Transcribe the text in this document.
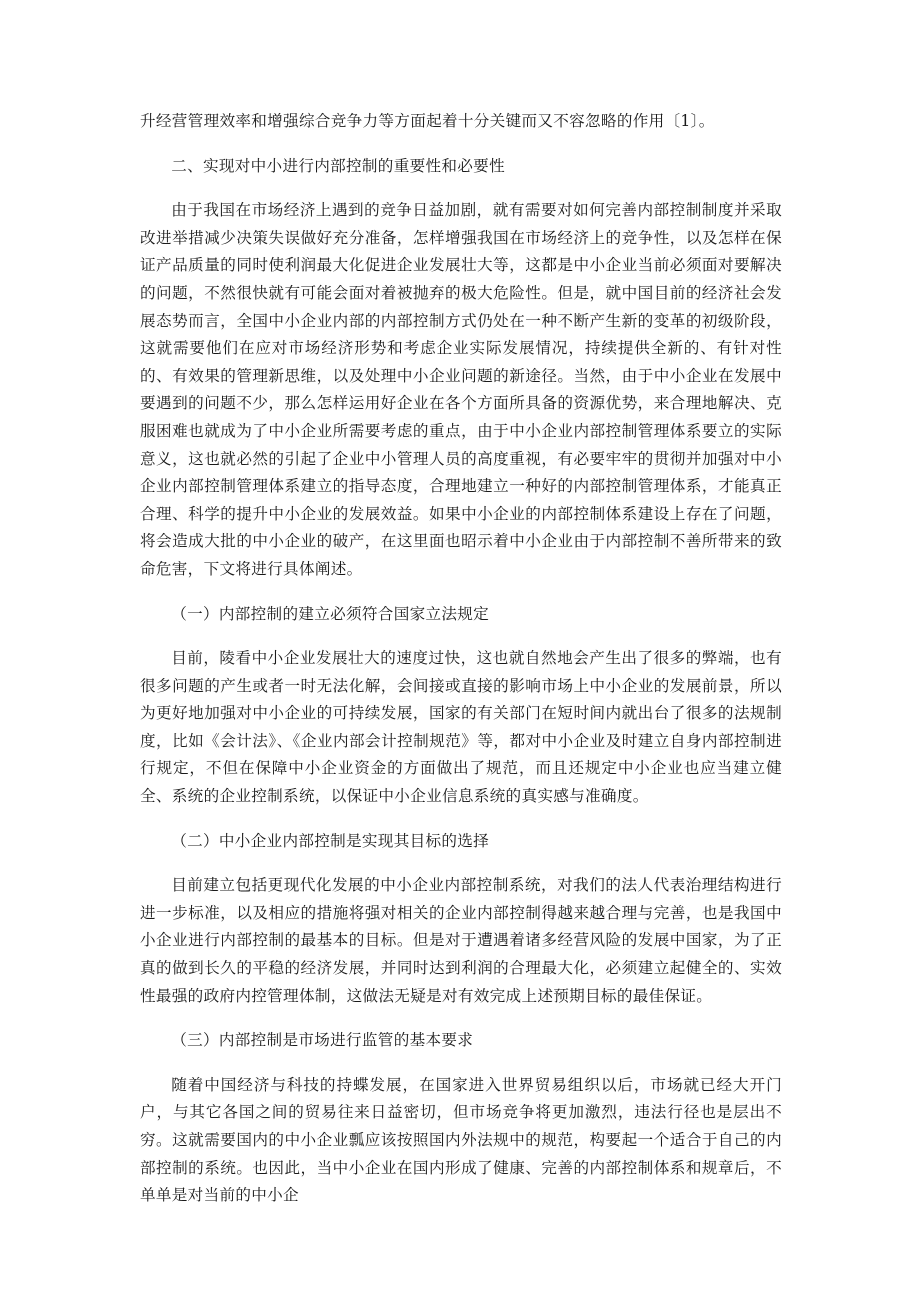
升经营管理效率和增强综合竞争力等方面起着十分关键而又不容忽略的作用〔1〕。

二、实现对中小进行内部控制的重要性和必要性

由于我国在市场经济上遇到的竞争日益加剧，就有需要对如何完善内部控制制度并采取改进举措减少决策失误做好充分准备，怎样增强我国在市场经济上的竞争性，以及怎样在保证产品质量的同时使利润最大化促进企业发展壮大等，这都是中小企业当前必须面对要解决的问题，不然很快就有可能会面对着被抛弃的极大危险性。但是，就中国目前的经济社会发展态势而言，全国中小企业内部的内部控制方式仍处在一种不断产生新的变革的初级阶段，这就需要他们在应对市场经济形势和考虑企业实际发展情况，持续提供全新的、有针对性的、有效果的管理新思维，以及处理中小企业问题的新途径。当然，由于中小企业在发展中要遇到的问题不少，那么怎样运用好企业在各个方面所具备的资源优势，来合理地解决、克服困难也就成为了中小企业所需要考虑的重点，由于中小企业内部控制管理体系要立的实际意义，这也就必然的引起了企业中小管理人员的高度重视，有必要牢牢的贯彻并加强对中小企业内部控制管理体系建立的指导态度，合理地建立一种好的内部控制管理体系，才能真正合理、科学的提升中小企业的发展效益。如果中小企业的内部控制体系建设上存在了问题，将会造成大批的中小企业的破产，在这里面也昭示着中小企业由于内部控制不善所带来的致命危害，下文将进行具体阐述。

（一）内部控制的建立必须符合国家立法规定

目前，陵看中小企业发展壮大的速度过快，这也就自然地会产生出了很多的弊端，也有很多问题的产生或者一时无法化解，会间接或直接的影响市场上中小企业的发展前景，所以为更好地加强对中小企业的可持续发展，国家的有关部门在短时间内就出台了很多的法规制度，比如《会计法》、《企业内部会计控制规范》等，都对中小企业及时建立自身内部控制进行规定，不但在保障中小企业资金的方面做出了规范，而且还规定中小企业也应当建立健全、系统的企业控制系统，以保证中小企业信息系统的真实感与准确度。

（二）中小企业内部控制是实现其目标的选择

目前建立包括更现代化发展的中小企业内部控制系统，对我们的法人代表治理结构进行进一步标准，以及相应的措施将强对相关的企业内部控制得越来越合理与完善，也是我国中小企业进行内部控制的最基本的目标。但是对于遭遇着诸多经营风险的发展中国家，为了正真的做到长久的平稳的经济发展，并同时达到利润的合理最大化，必须建立起健全的、实效性最强的政府内控管理体制，这做法无疑是对有效完成上述预期目标的最佳保证。

（三）内部控制是市场进行监管的基本要求

随着中国经济与科技的持蝶发展，在国家进入世界贸易组织以后，市场就已经大开门户，与其它各国之间的贸易往来日益密切，但市场竞争将更加激烈，违法行径也是层出不穷。这就需要国内的中小企业瓢应该按照国内外法规中的规范，构要起一个适合于自己的内部控制的系统。也因此，当中小企业在国内形成了健康、完善的内部控制体系和规章后，不单单是对当前的中小企
